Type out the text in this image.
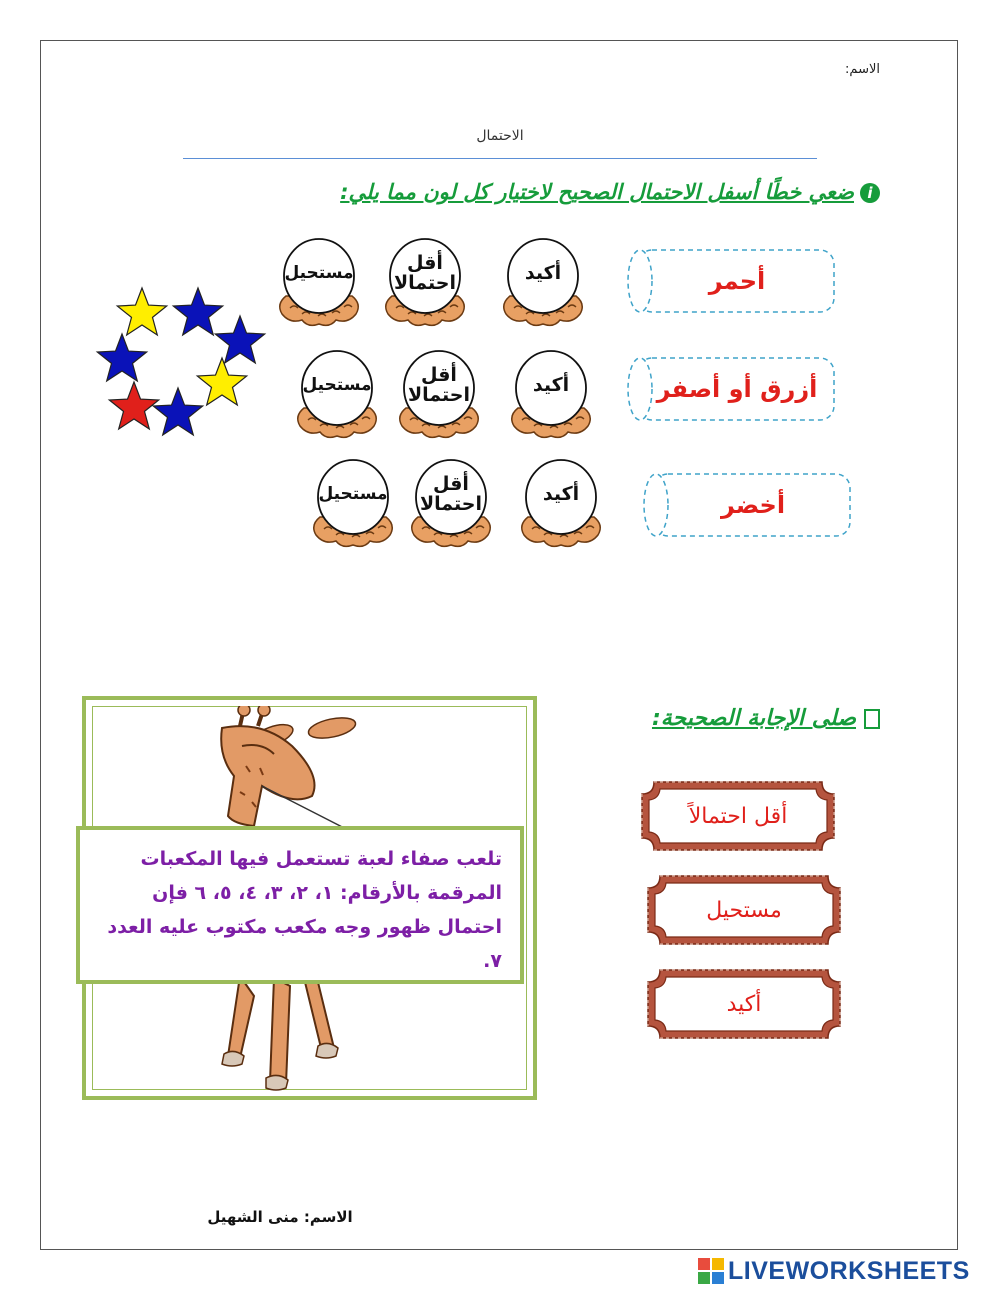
الاسم:
الاحتمال
iضعي خطًا أسفل الاحتمال الصحيح لاختيار كل لون مما يلي:
أحمر
أكيد
أقل احتمالا
مستحيل
أزرق أو أصفر
أكيد
أقل احتمالا
مستحيل
أخضر
أكيد
أقل احتمالا
مستحيل
صلى الإجابة الصحيحة:
تلعب صفاء لعبة تستعمل فيها المكعبات المرقمة بالأرقام: ١، ٢، ٣، ٤، ٥، ٦ فإن احتمال ظهور وجه مكعب مكتوب عليه العدد ٧.
أقل احتمالاً
مستحيل
أكيد
الاسم: منى الشهيل
LIVEWORKSHEETS
